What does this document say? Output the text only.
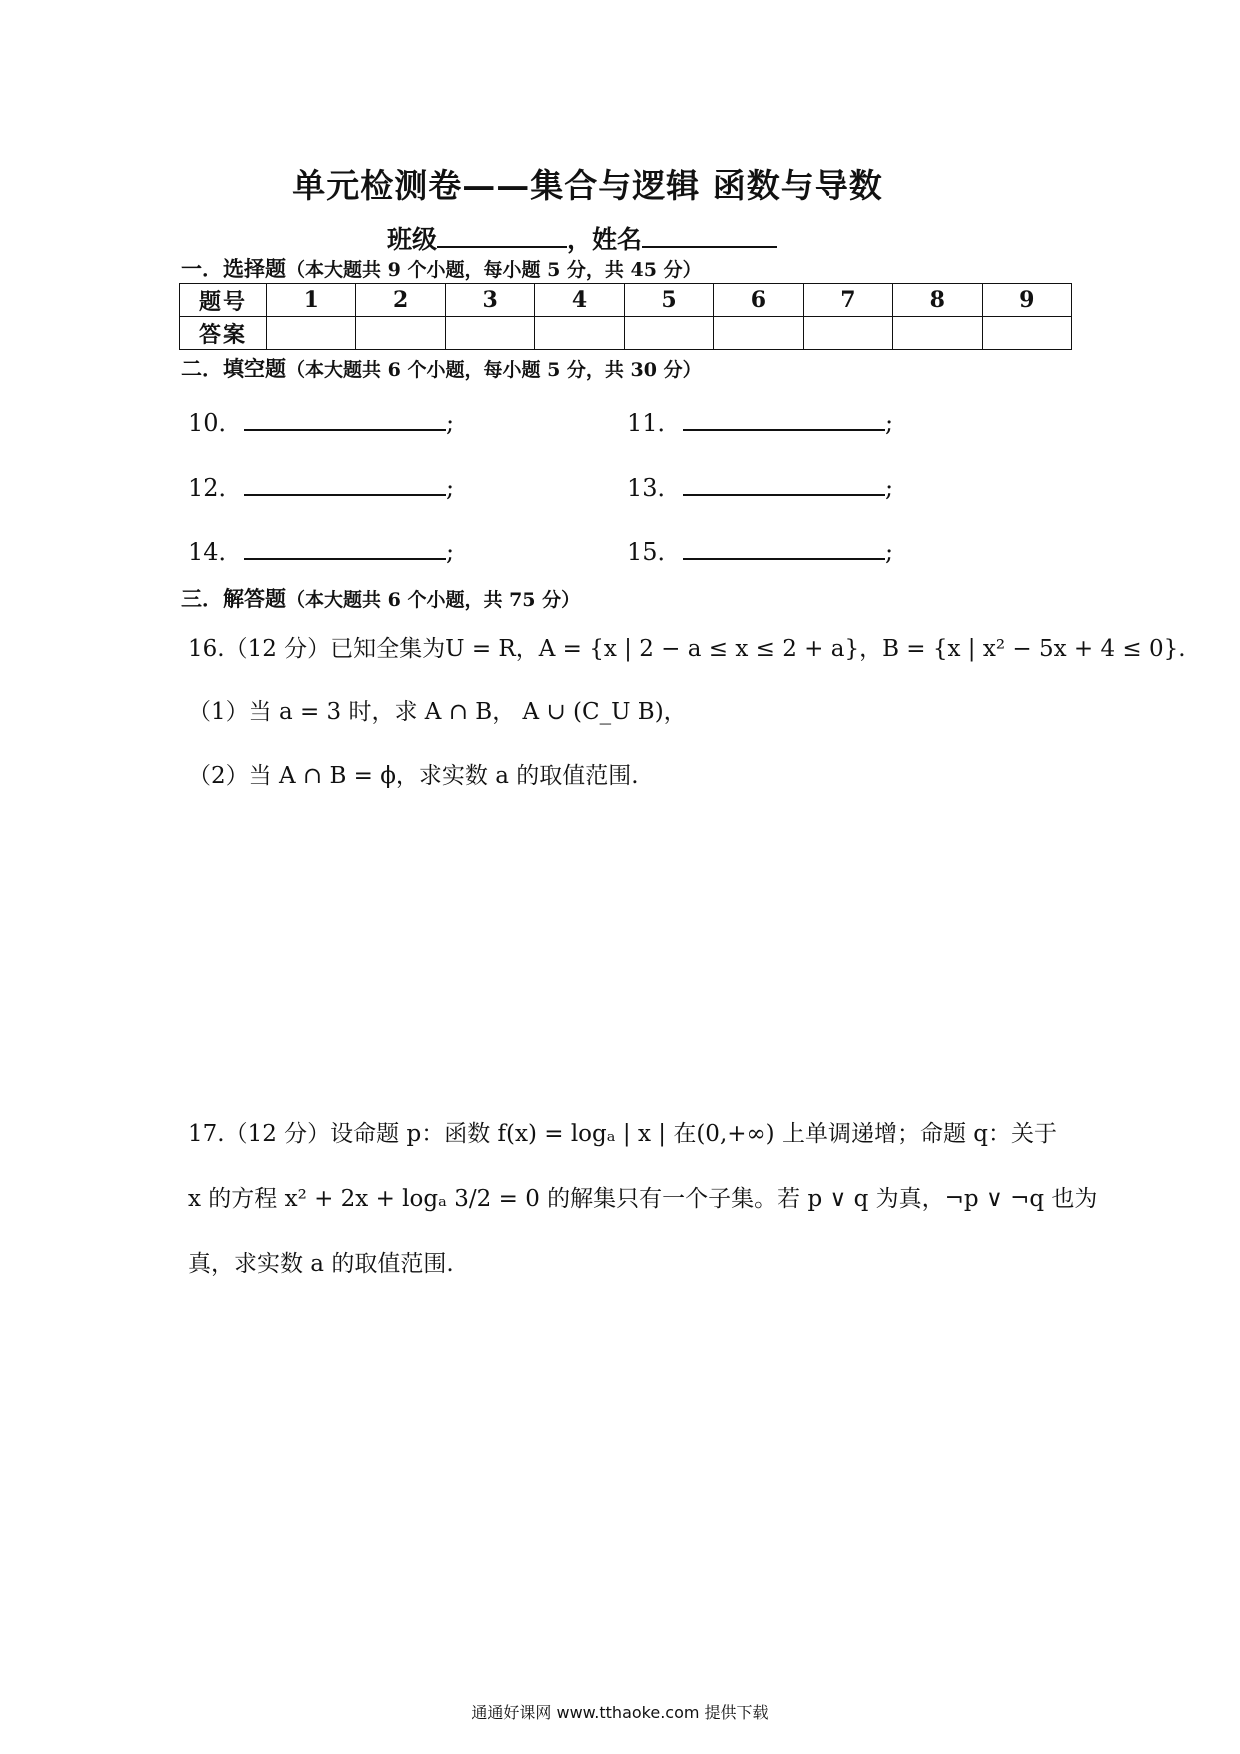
单元检测卷——集合与逻辑 函数与导数
班级	，姓名
一．选择题（本大题共 9 个小题，每小题 5 分，共 45 分）
题号	1	2	3	4	5	6	7	8	9
答案									
二．填空题（本大题共 6 个小题，每小题 5 分，共 30 分）
10．	;	11．	;
12．	;	13．	;
14．	;	15．	;
三．解答题（本大题共 6 个小题，共 75 分）
16.（12 分）已知全集为U = R，A = {x | 2 − a ≤ x ≤ 2 + a}，B = {x | x² − 5x + 4 ≤ 0}.
（1）当 a = 3 时，求 A ∩ B， A ∪ (C_U B)，
（2）当 A ∩ B = ϕ，求实数 a 的取值范围.
17.（12 分）设命题 p：函数 f(x) = logₐ | x | 在(0,+∞) 上单调递增；命题 q：关于
x 的方程 x² + 2x + logₐ 3/2 = 0 的解集只有一个子集。若 p ∨ q 为真，¬p ∨ ¬q 也为
真，求实数 a 的取值范围.
通通好课网 www.tthaoke.com 提供下载
